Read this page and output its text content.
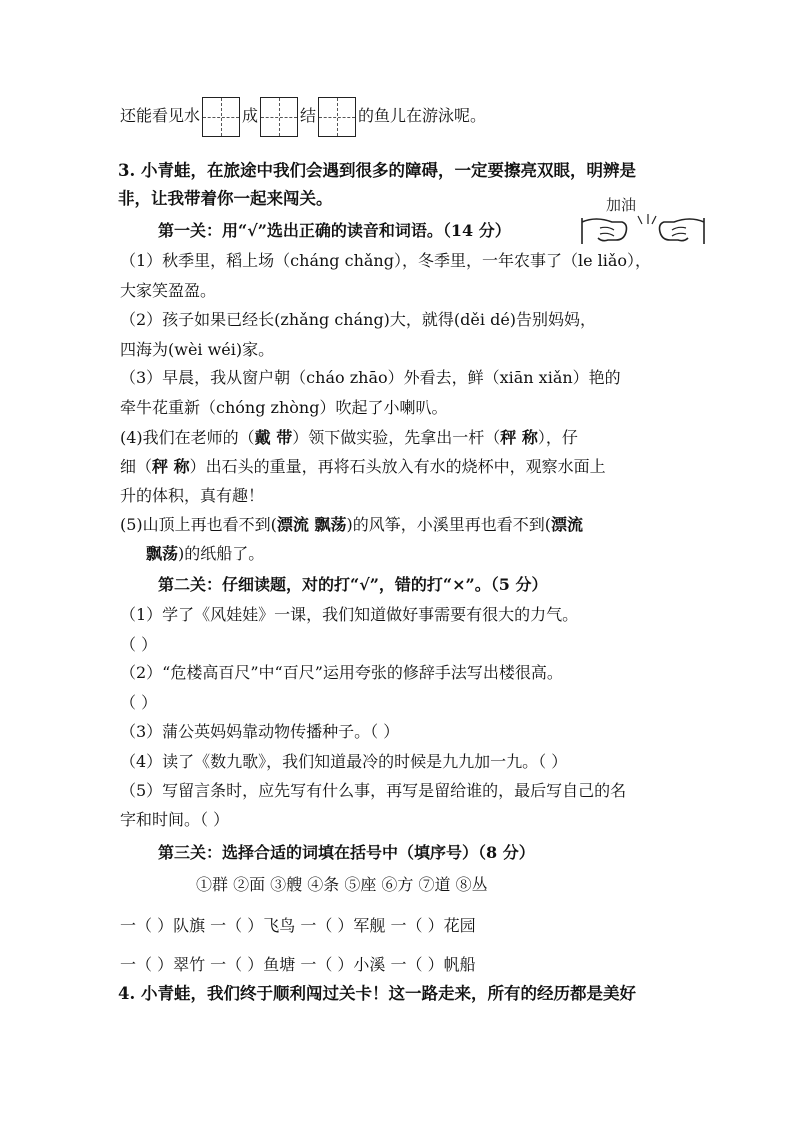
还能看见水	成	结	的鱼儿在游泳呢。
3. 小青蛙，在旅途中我们会遇到很多的障碍，一定要擦亮双眼，明辨是
非，让我带着你一起来闯关。	加油
第一关：用“√”选出正确的读音和词语。（14 分）
（1）秋季里，稻上场（cháng chǎng），冬季里，一年农事了（le liǎo），
大家笑盈盈。
（2）孩子如果已经长(zhǎng cháng)大，就得(děi dé)告别妈妈，
四海为(wèi wéi)家。
（3）早晨，我从窗户朝（cháo zhāo）外看去，鲜（xiān xiǎn）艳的
牵牛花重新（chóng zhòng）吹起了小喇叭。
(4)我们在老师的（戴 带）领下做实验，先拿出一杆（秤 称），仔
细（秤 称）出石头的重量，再将石头放入有水的烧杯中，观察水面上
升的体积，真有趣！
(5)山顶上再也看不到(漂流 飘荡)的风筝，小溪里再也看不到(漂流
飘荡)的纸船了。
第二关：仔细读题，对的打“√”，错的打“×”。（5 分）
（1）学了《风娃娃》一课，我们知道做好事需要有很大的力气。
（ ）
（2）“危楼高百尺”中“百尺”运用夸张的修辞手法写出楼很高。
（ ）
（3）蒲公英妈妈靠动物传播种子。（ ）
（4）读了《数九歌》，我们知道最冷的时候是九九加一九。（ ）
（5）写留言条时，应先写有什么事，再写是留给谁的，最后写自己的名
字和时间。（ ）
第三关：选择合适的词填在括号中（填序号）（8 分）
①群 ②面 ③艘 ④条 ⑤座 ⑥方 ⑦道 ⑧丛
一（ ）队旗 一（ ）飞鸟 一（ ）军舰 一（ ）花园
一（ ）翠竹 一（ ）鱼塘 一（ ）小溪 一（ ）帆船
4. 小青蛙，我们终于顺利闯过关卡！这一路走来，所有的经历都是美好
